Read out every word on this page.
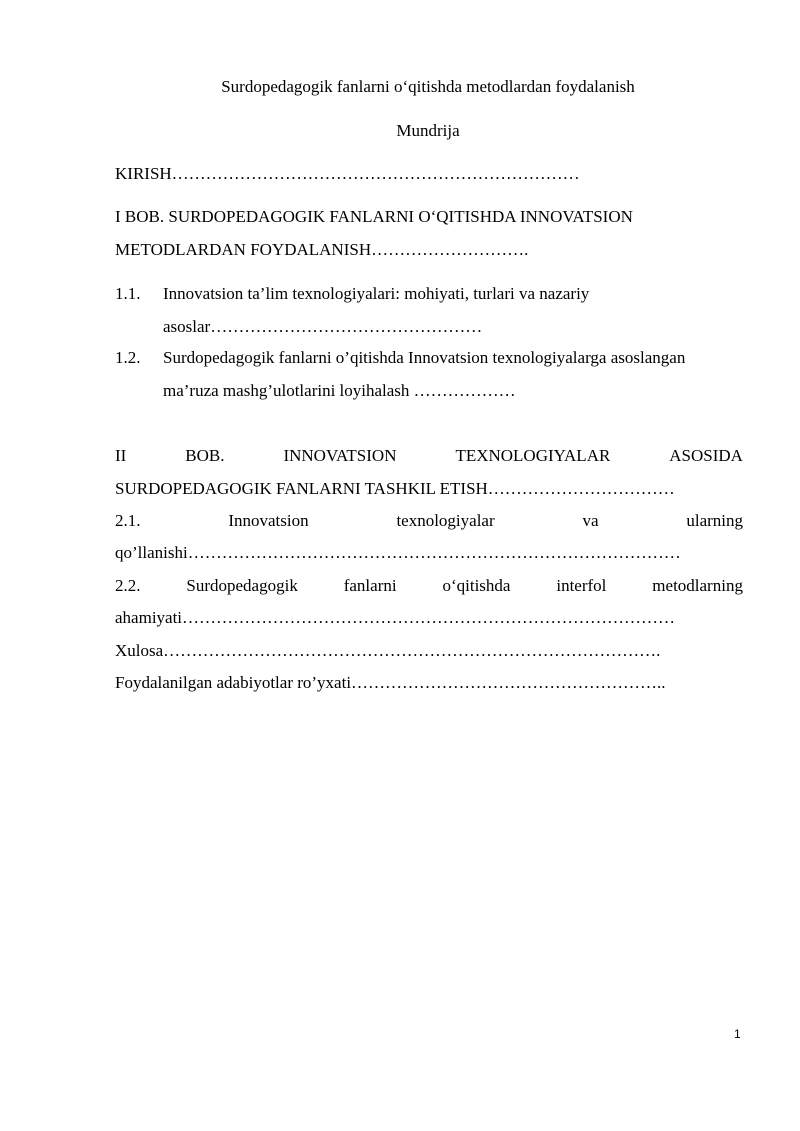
Surdopedagogik fanlarni o‘qitishda metodlardan foydalanish
Mundrija
KIRISH………………………………………………………………
I BOB. SURDOPEDAGOGIK FANLARNI O‘QITISHDA INNOVATSION
METODLARDAN FOYDALANISH……………………….
1.1. Innovatsion ta’lim texnologiyalari: mohiyati, turlari va nazariy
asoslar…………………………………………
1.2. Surdopedagogik fanlarni o’qitishda Innovatsion texnologiyalarga asoslangan
ma’ruza mashg’ulotlarini loyihalash ………………
II	BOB.	INNOVATSION	TEXNOLOGIYALAR	ASOSIDA
SURDOPEDAGOGIK FANLARNI TASHKIL ETISH……………………………
2.1.	Innovatsion	texnologiyalar	va	ularning
qo’llanishi……………………………………………………………………………
2.2.	Surdopedagogik	fanlarni	o‘qitishda	interfol	metodlarning
ahamiyati……………………………………………………………………………
Xulosa…………………………………………………………………………….
Foydalanilgan adabiyotlar ro’yxati………………………………………………..
1
